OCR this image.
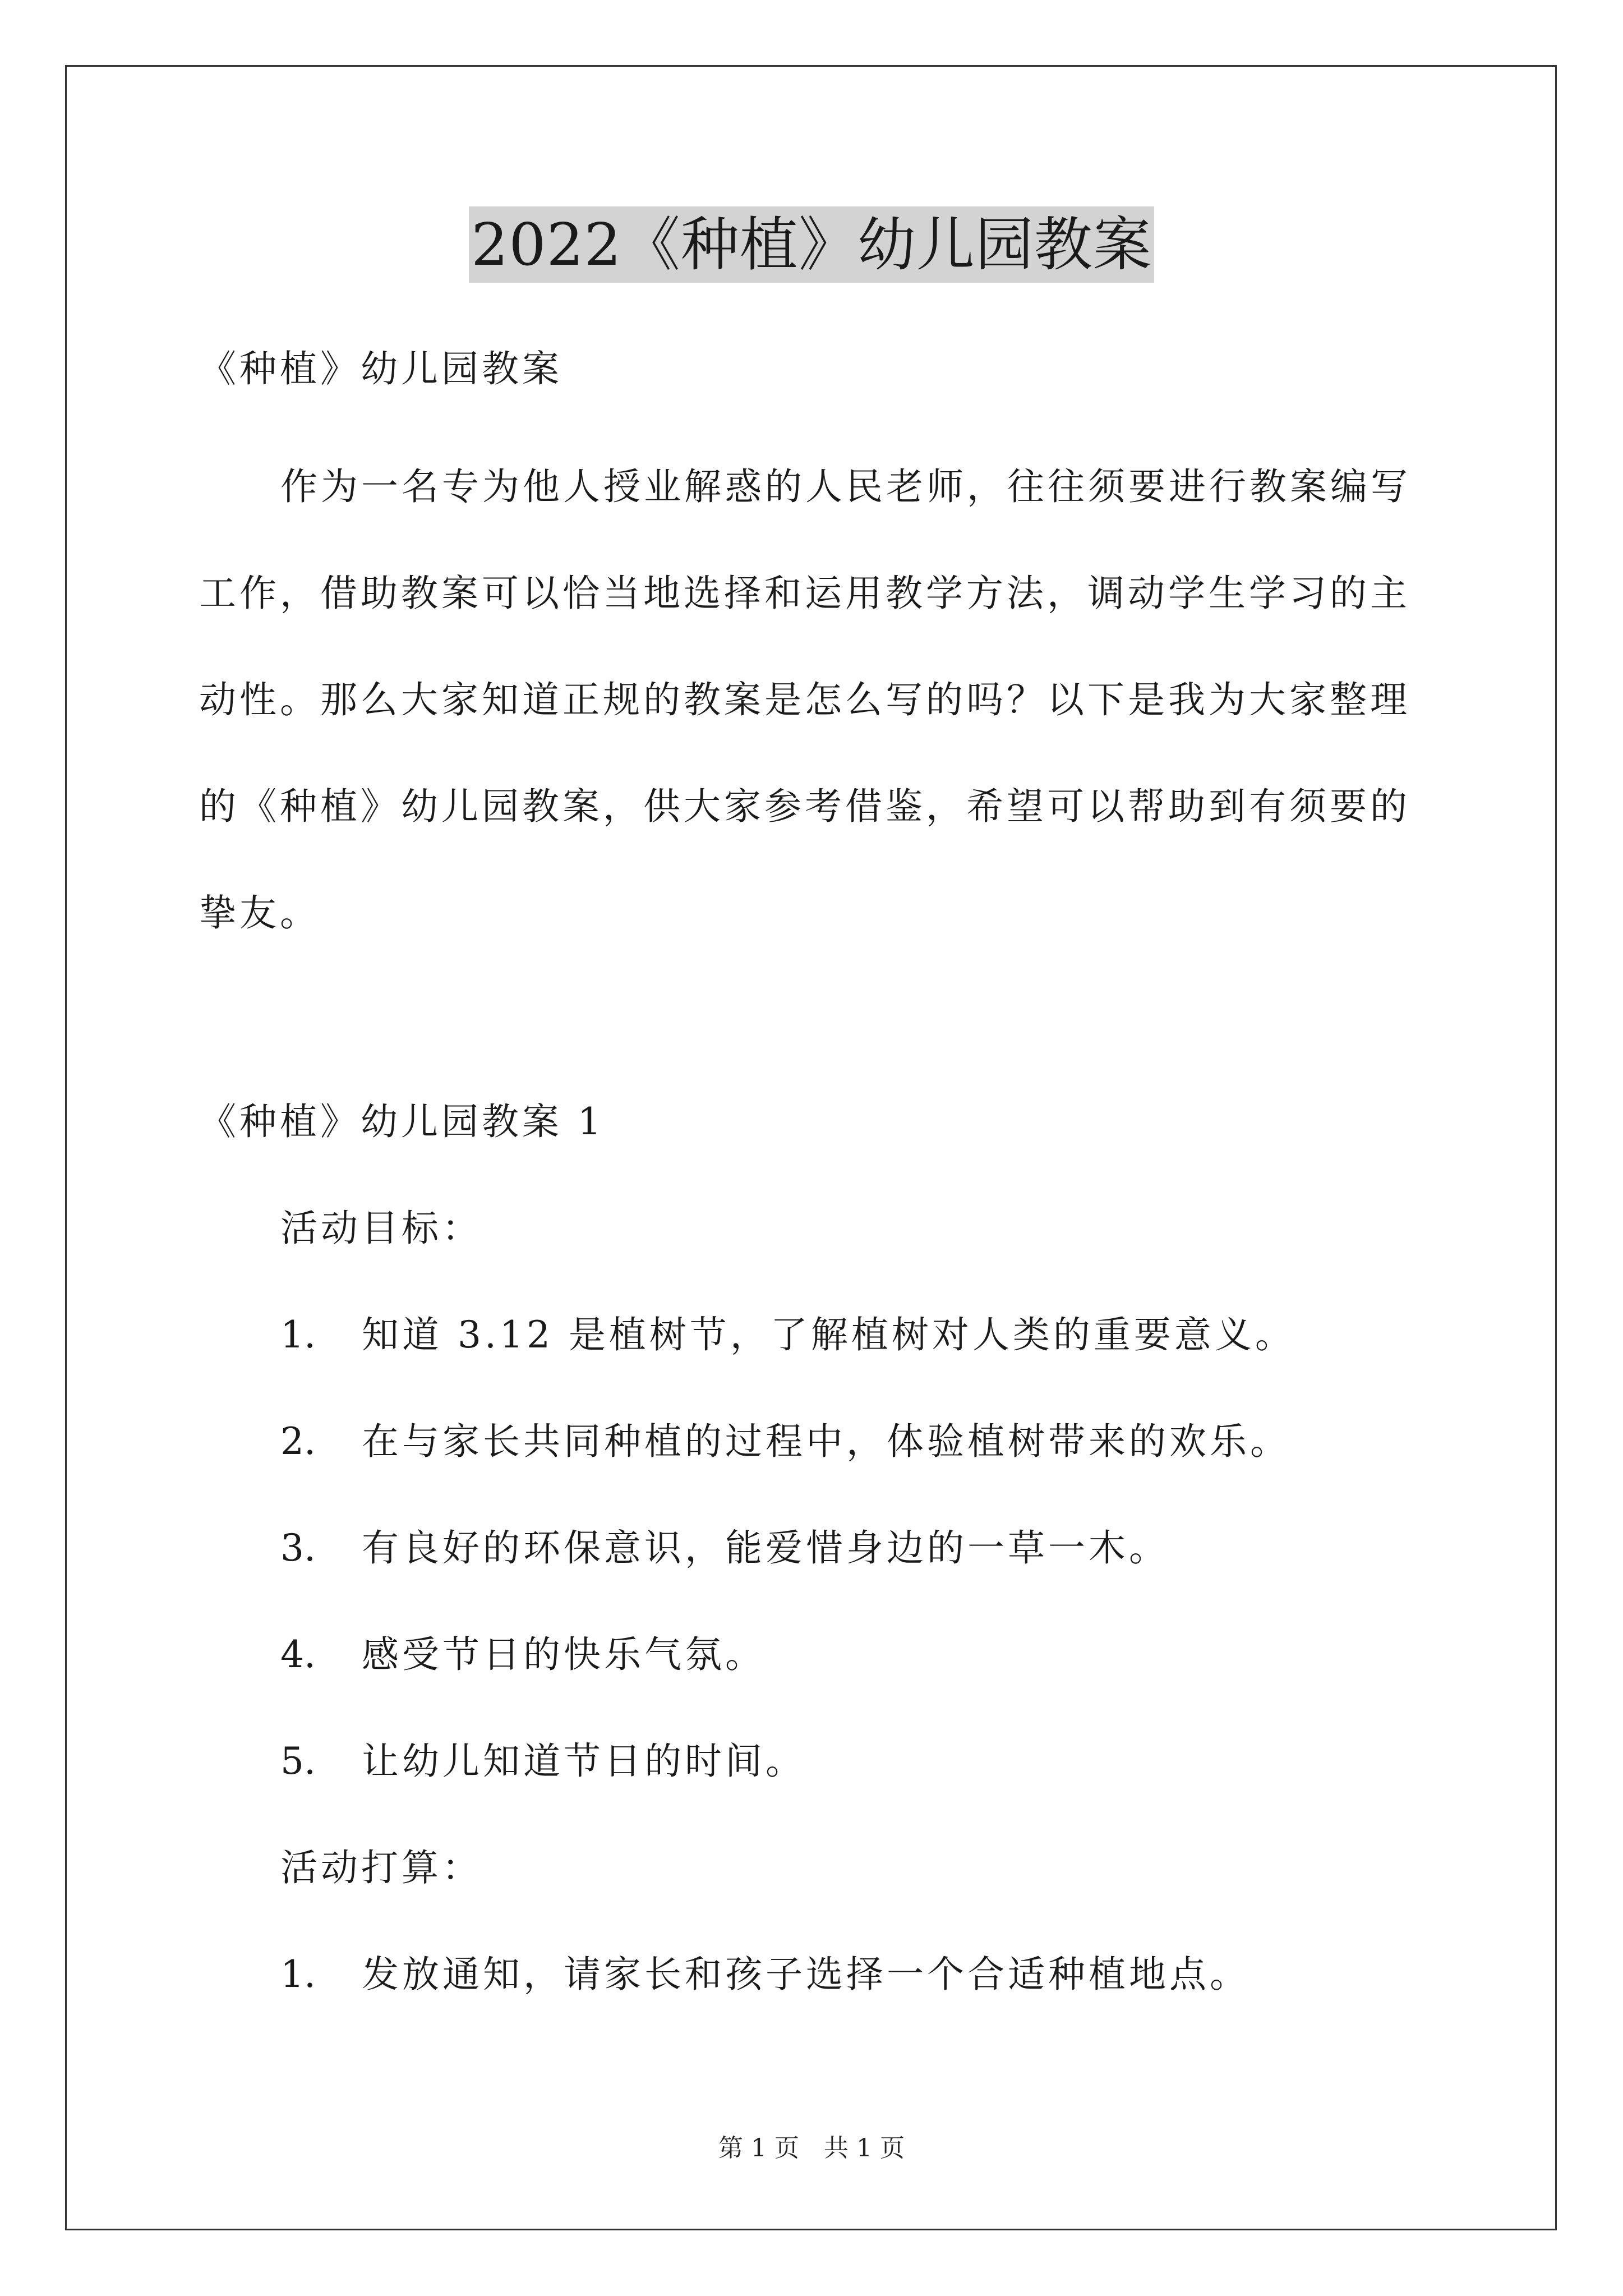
2022《种植》幼儿园教案
《种植》幼儿园教案
作为一名专为他人授业解惑的人民老师，往往须要进行教案编写
工作，借助教案可以恰当地选择和运用教学方法，调动学生学习的主
动性。那么大家知道正规的教案是怎么写的吗？以下是我为大家整理
的《种植》幼儿园教案，供大家参考借鉴，希望可以帮助到有须要的
挚友。
《种植》幼儿园教案 1
活动目标：
1. 知道 3.12 是植树节，了解植树对人类的重要意义。
2. 在与家长共同种植的过程中，体验植树带来的欢乐。
3. 有良好的环保意识，能爱惜身边的一草一木。
4. 感受节日的快乐气氛。
5. 让幼儿知道节日的时间。
活动打算：
1. 发放通知，请家长和孩子选择一个合适种植地点。
第 1 页　共 1 页
